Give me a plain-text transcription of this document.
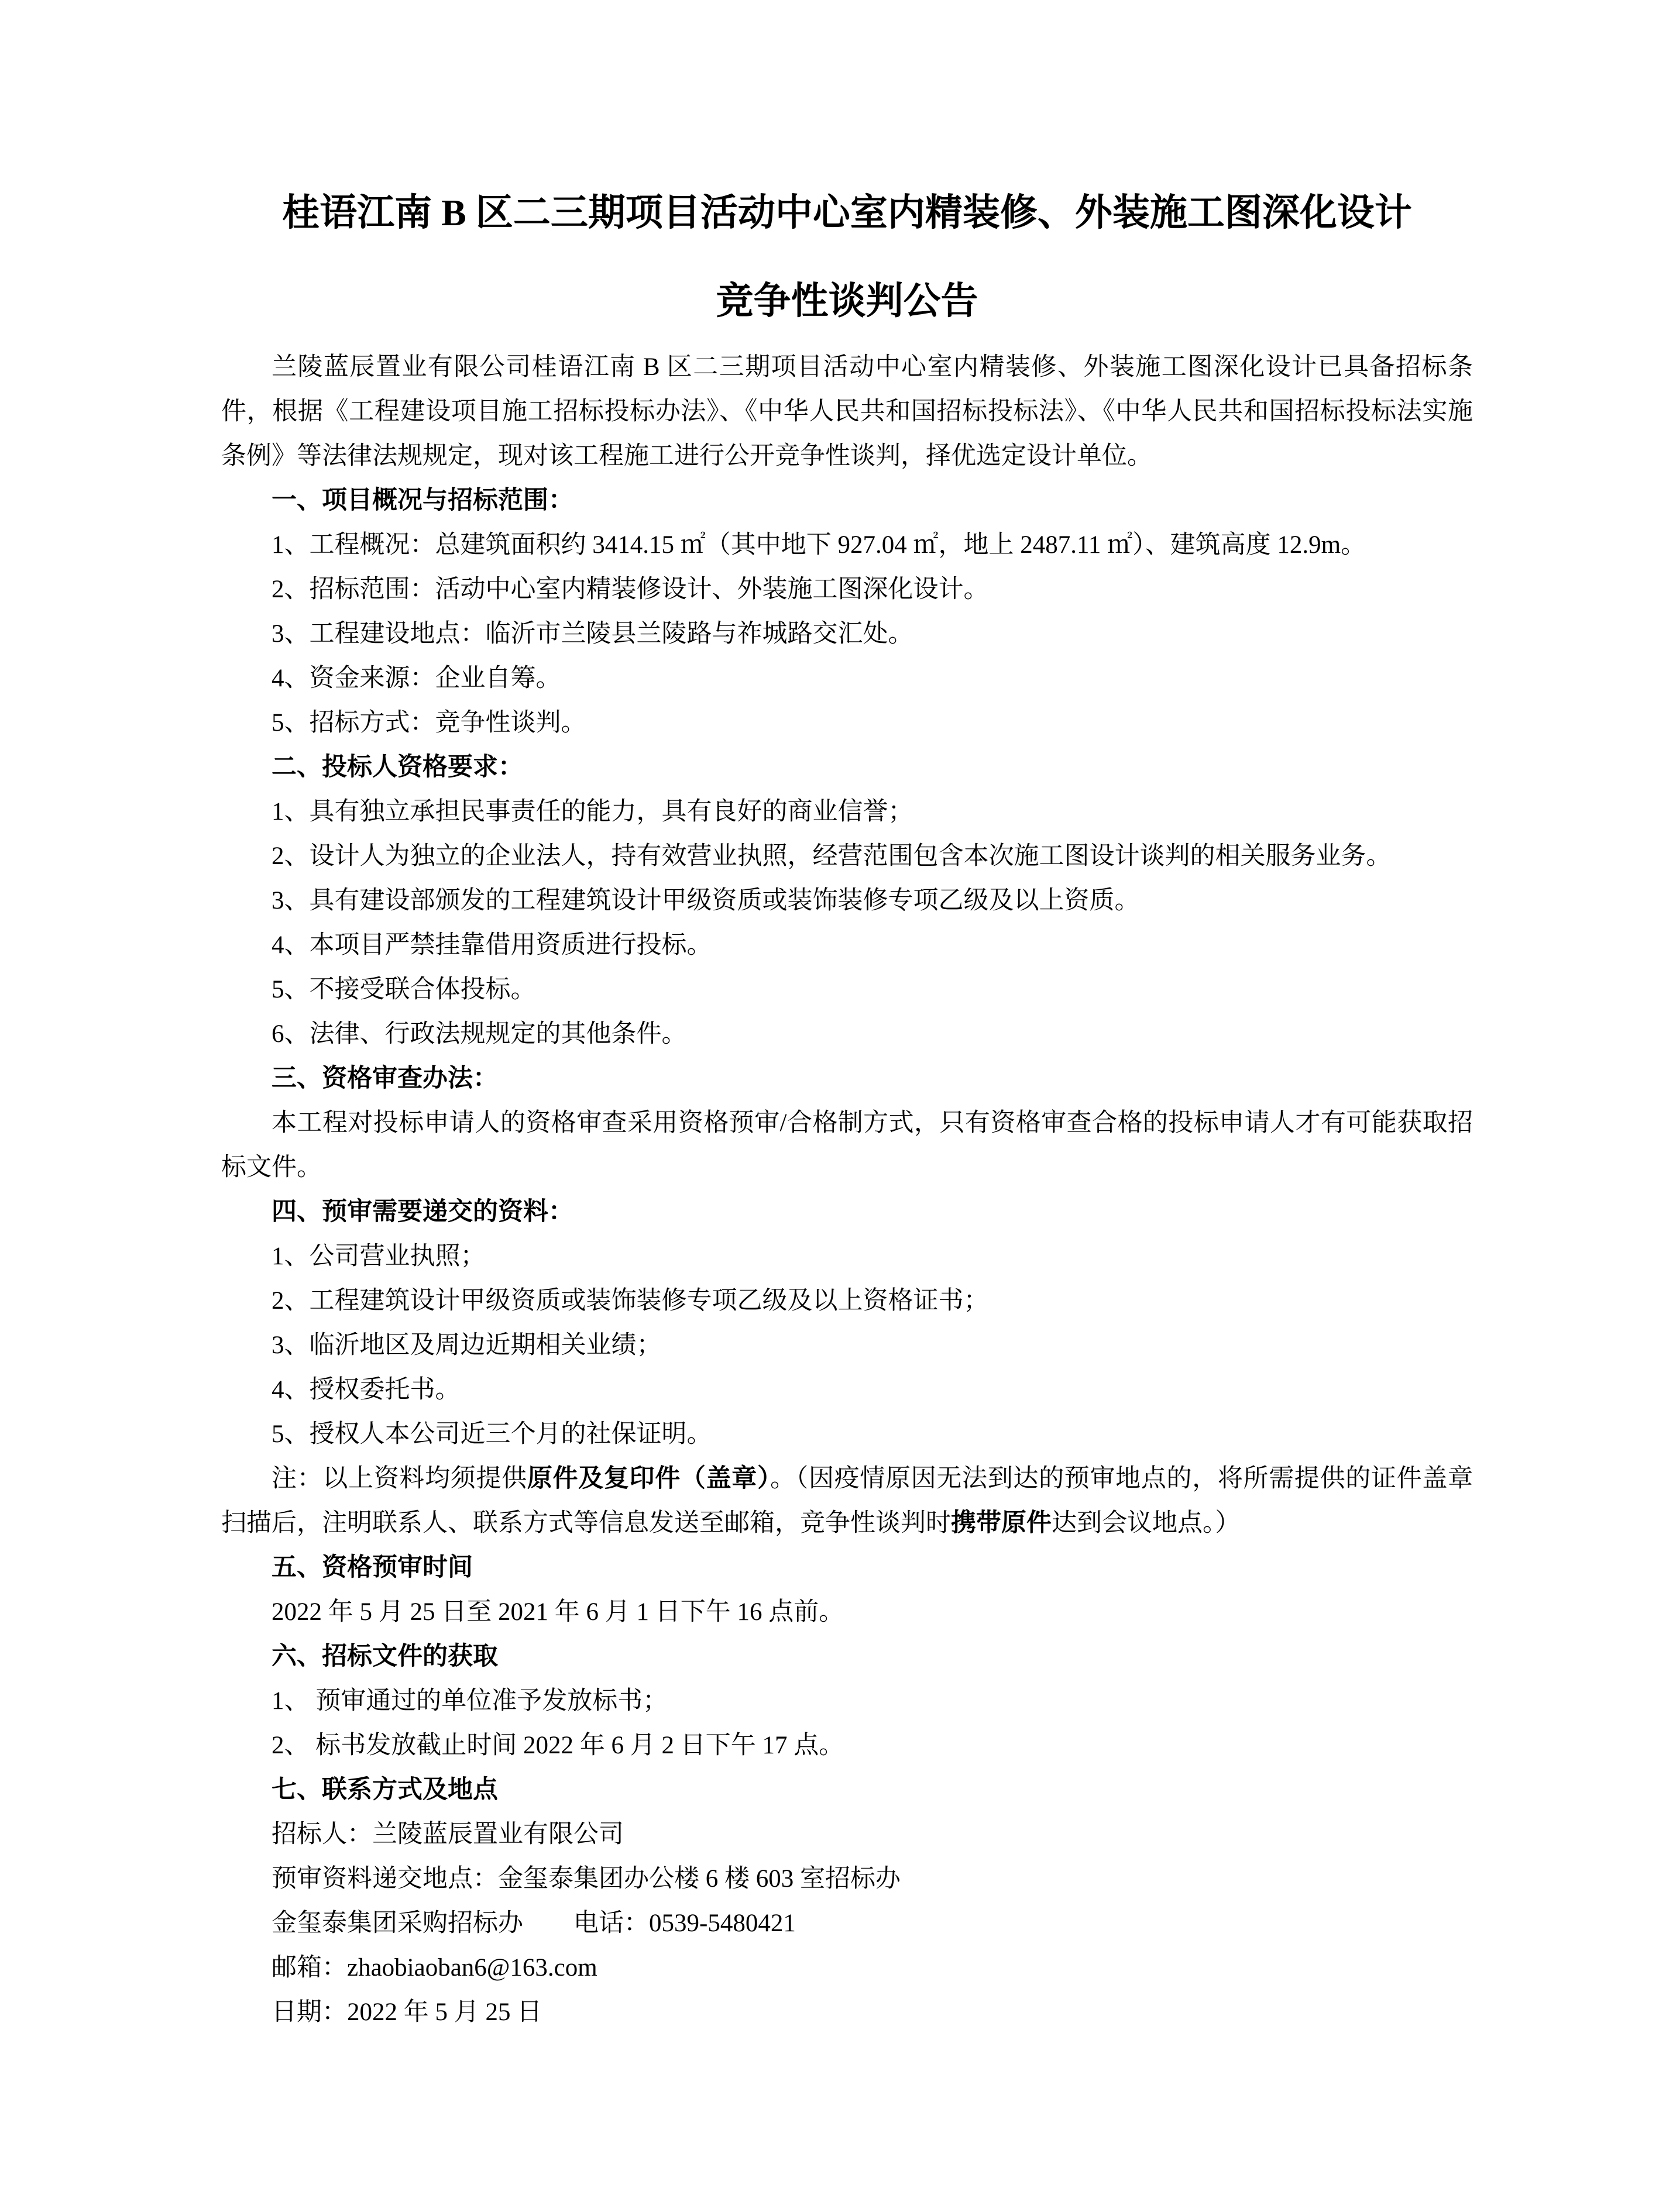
桂语江南 B 区二三期项目活动中心室内精装修、外装施工图深化设计
竞争性谈判公告

兰陵蓝辰置业有限公司桂语江南 B 区二三期项目活动中心室内精装修、外装施工图深化设计已具备招标条件，根据《工程建设项目施工招标投标办法》、《中华人民共和国招标投标法》、《中华人民共和国招标投标法实施条例》等法律法规规定，现对该工程施工进行公开竞争性谈判，择优选定设计单位。

一、项目概况与招标范围：

1、工程概况：总建筑面积约 3414.15 ㎡（其中地下 927.04 ㎡，地上 2487.11 ㎡）、建筑高度 12.9m。

2、招标范围：活动中心室内精装修设计、外装施工图深化设计。

3、工程建设地点：临沂市兰陵县兰陵路与祚城路交汇处。

4、资金来源：企业自筹。

5、招标方式：竞争性谈判。

二、投标人资格要求：

1、具有独立承担民事责任的能力，具有良好的商业信誉；

2、设计人为独立的企业法人，持有效营业执照，经营范围包含本次施工图设计谈判的相关服务业务。

3、具有建设部颁发的工程建筑设计甲级资质或装饰装修专项乙级及以上资质。

4、本项目严禁挂靠借用资质进行投标。

5、不接受联合体投标。

6、法律、行政法规规定的其他条件。

三、资格审查办法：

本工程对投标申请人的资格审查采用资格预审/合格制方式，只有资格审查合格的投标申请人才有可能获取招标文件。

四、预审需要递交的资料：

1、公司营业执照；

2、工程建筑设计甲级资质或装饰装修专项乙级及以上资格证书；

3、临沂地区及周边近期相关业绩；

4、授权委托书。

5、授权人本公司近三个月的社保证明。

注：以上资料均须提供原件及复印件（盖章）。（因疫情原因无法到达的预审地点的，将所需提供的证件盖章扫描后，注明联系人、联系方式等信息发送至邮箱，竞争性谈判时携带原件达到会议地点。）

五、资格预审时间

2022 年 5 月 25 日至 2021 年 6 月 1 日下午 16 点前。

六、招标文件的获取

1、 预审通过的单位准予发放标书；

2、 标书发放截止时间 2022 年 6 月 2 日下午 17 点。

七、联系方式及地点

招标人：兰陵蓝辰置业有限公司

预审资料递交地点：金玺泰集团办公楼 6 楼 603 室招标办

金玺泰集团采购招标办　　电话：0539-5480421

邮箱：zhaobiaoban6@163.com

日期：2022 年 5 月 25 日
